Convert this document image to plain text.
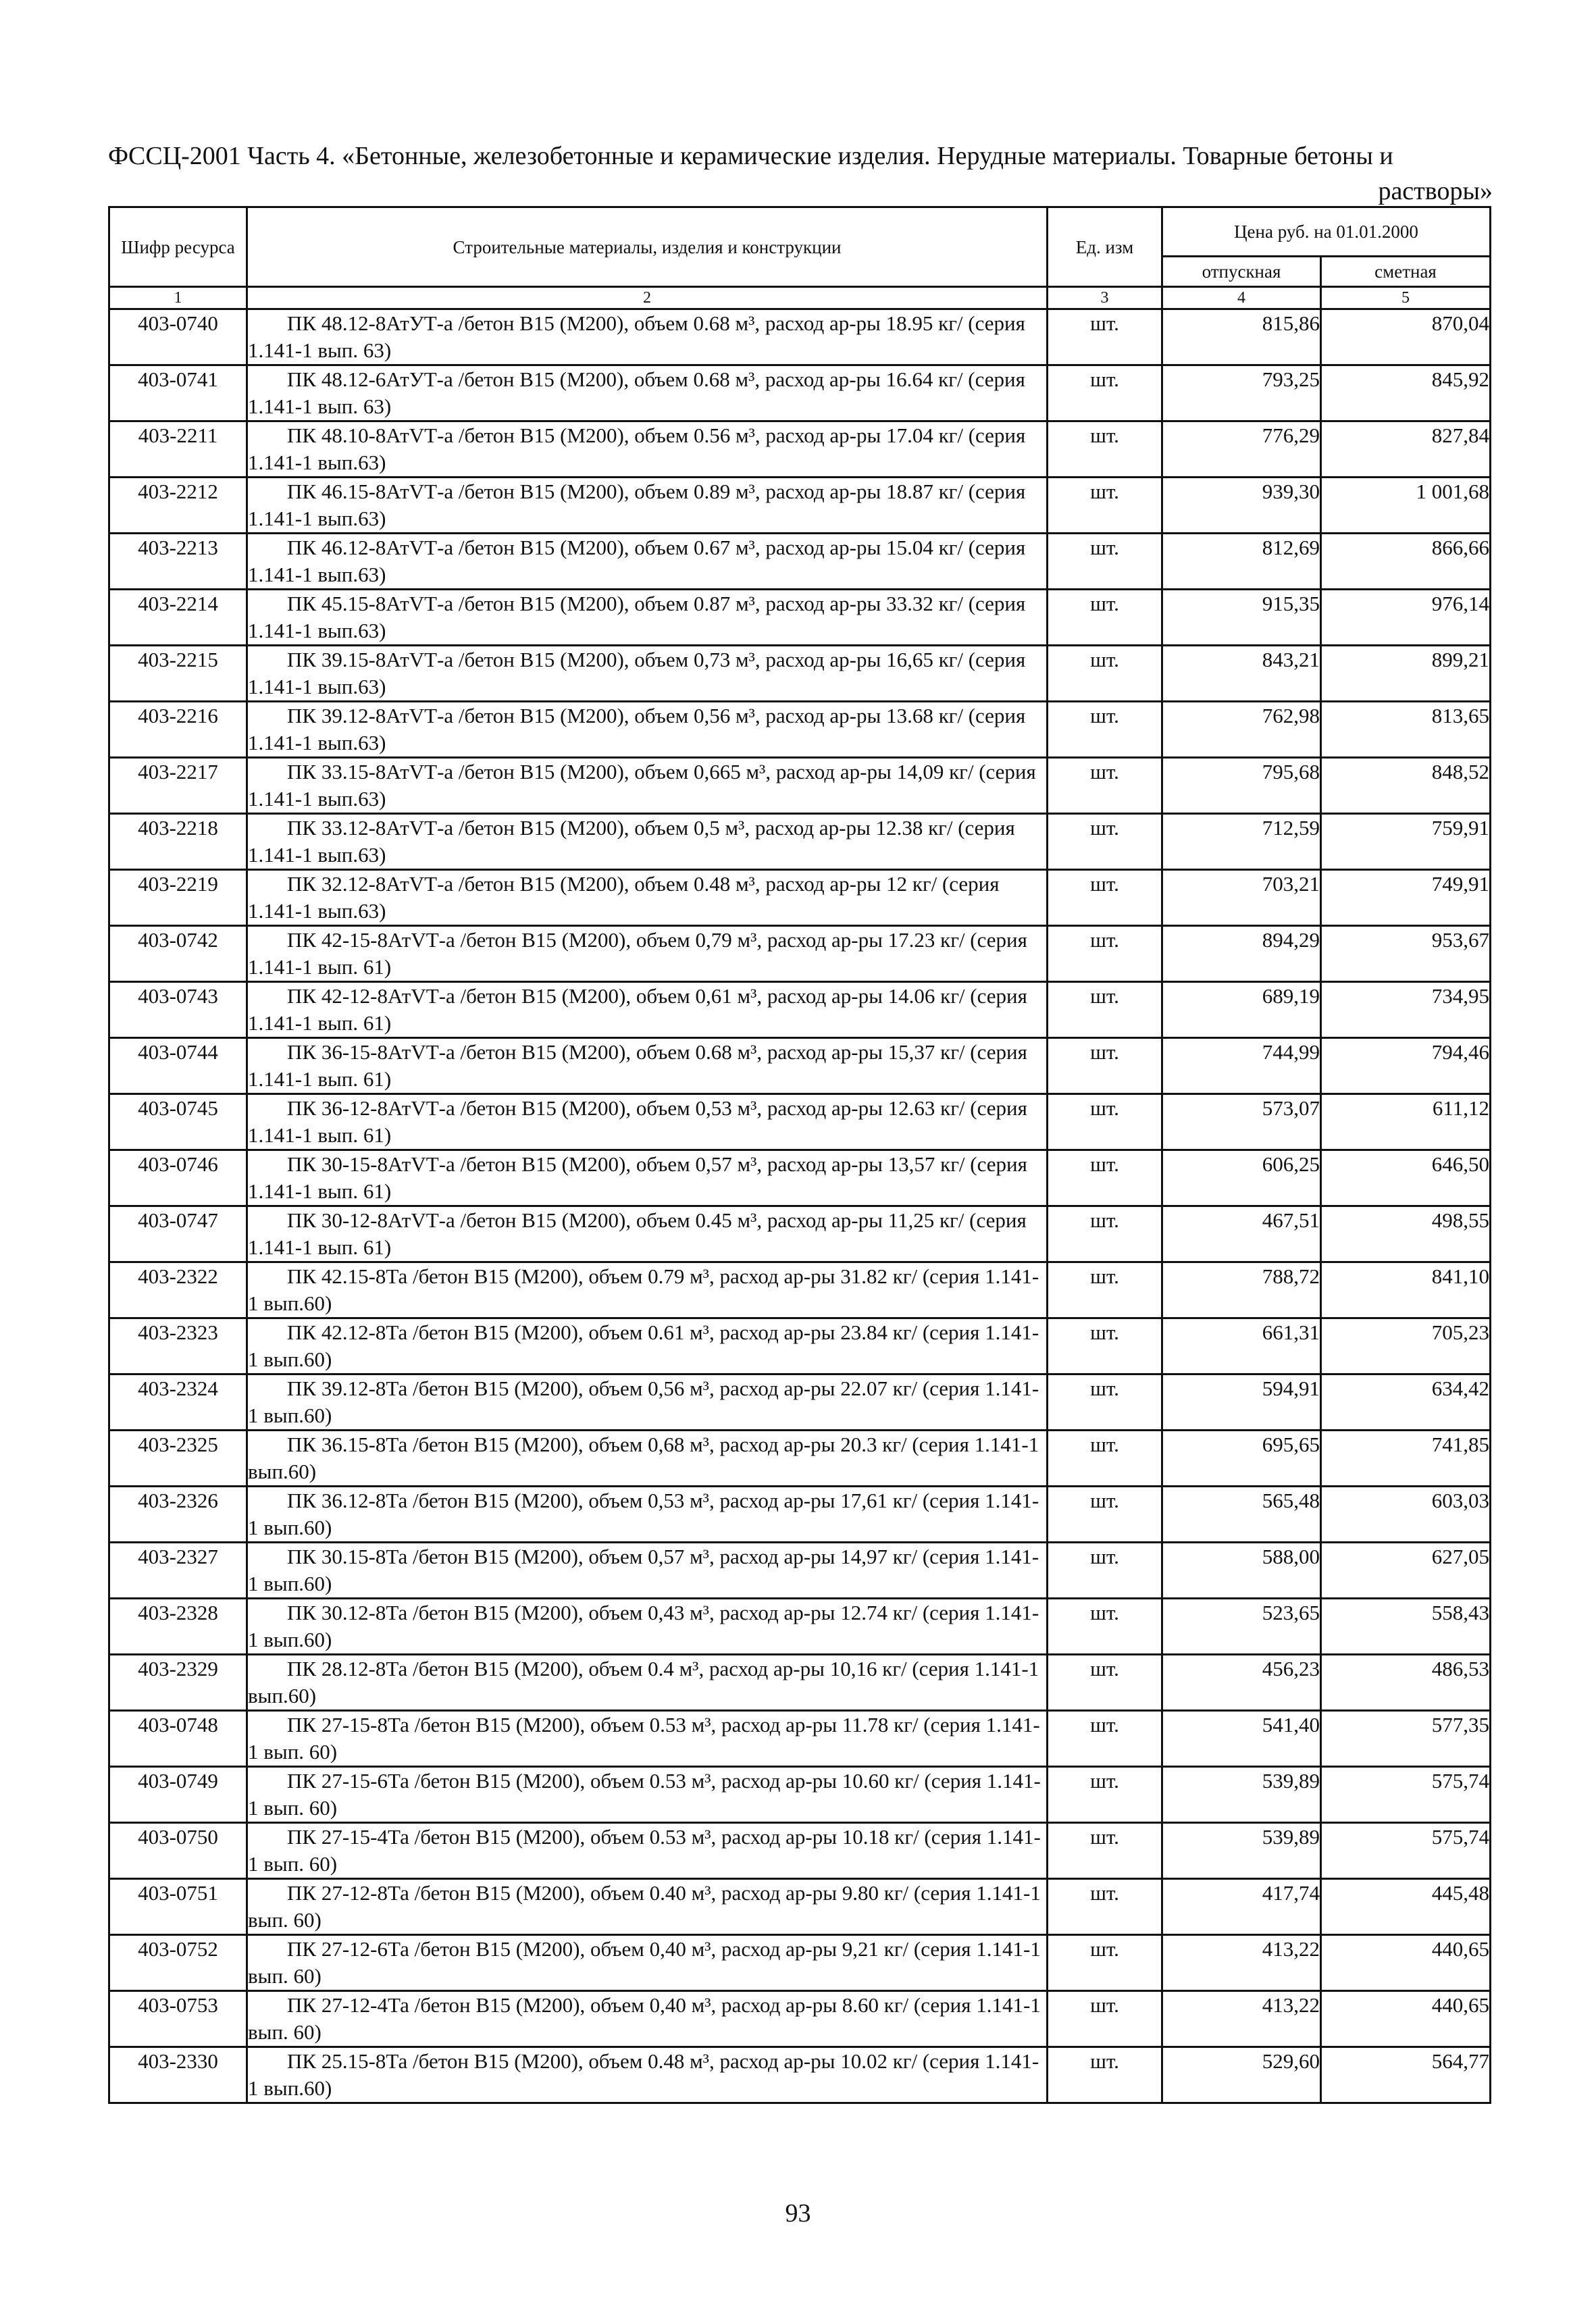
ФССЦ-2001 Часть 4. «Бетонные, железобетонные и керамические изделия. Нерудные материалы. Товарные бетоны и
растворы»
Шифр ресурса	Строительные материалы, изделия и конструкции	Ед. изм	Цена руб. на 01.01.2000	
			отпускная	сметная
1	2	3	4	5
403-0740	ПК 48.12-8АтУТ-а /бетон В15 (М200), объем 0.68 м³, расход ар-ры 18.95 кг/ (серия 1.141-1 вып. 63)	шт.	815,86	870,04
403-0741	ПК 48.12-6АтУТ-а /бетон В15 (М200), объем 0.68 м³, расход ар-ры 16.64 кг/ (серия 1.141-1 вып. 63)	шт.	793,25	845,92
403-2211	ПК 48.10-8АтVТ-а /бетон В15 (М200), объем 0.56 м³, расход ар-ры 17.04 кг/ (серия 1.141-1 вып.63)	шт.	776,29	827,84
403-2212	ПК 46.15-8АтVТ-а /бетон В15 (М200), объем 0.89 м³, расход ар-ры 18.87 кг/ (серия 1.141-1 вып.63)	шт.	939,30	1 001,68
403-2213	ПК 46.12-8АтVТ-а /бетон В15 (М200), объем 0.67 м³, расход ар-ры 15.04 кг/ (серия 1.141-1 вып.63)	шт.	812,69	866,66
403-2214	ПК 45.15-8АтVТ-а /бетон В15 (М200), объем 0.87 м³, расход ар-ры 33.32 кг/ (серия 1.141-1 вып.63)	шт.	915,35	976,14
403-2215	ПК 39.15-8АтVТ-а /бетон В15 (М200), объем 0,73 м³, расход ар-ры 16,65 кг/ (серия 1.141-1 вып.63)	шт.	843,21	899,21
403-2216	ПК 39.12-8АтVТ-а /бетон В15 (М200), объем 0,56 м³, расход ар-ры 13.68 кг/ (серия 1.141-1 вып.63)	шт.	762,98	813,65
403-2217	ПК 33.15-8АтVТ-а /бетон В15 (М200), объем 0,665 м³, расход ар-ры 14,09 кг/ (серия 1.141-1 вып.63)	шт.	795,68	848,52
403-2218	ПК 33.12-8АтVТ-а /бетон В15 (М200), объем 0,5 м³, расход ар-ры 12.38 кг/ (серия 1.141-1 вып.63)	шт.	712,59	759,91
403-2219	ПК 32.12-8АтVТ-а /бетон В15 (М200), объем 0.48 м³, расход ар-ры 12 кг/ (серия 1.141-1 вып.63)	шт.	703,21	749,91
403-0742	ПК 42-15-8АтVТ-а /бетон В15 (М200), объем 0,79 м³, расход ар-ры 17.23 кг/ (серия 1.141-1 вып. 61)	шт.	894,29	953,67
403-0743	ПК 42-12-8АтVТ-а /бетон В15 (М200), объем 0,61 м³, расход ар-ры 14.06 кг/ (серия 1.141-1 вып. 61)	шт.	689,19	734,95
403-0744	ПК 36-15-8АтVТ-а /бетон В15 (М200), объем 0.68 м³, расход ар-ры 15,37 кг/ (серия 1.141-1 вып. 61)	шт.	744,99	794,46
403-0745	ПК 36-12-8АтVТ-а /бетон В15 (М200), объем 0,53 м³, расход ар-ры 12.63 кг/ (серия 1.141-1 вып. 61)	шт.	573,07	611,12
403-0746	ПК 30-15-8АтVТ-а /бетон В15 (М200), объем 0,57 м³, расход ар-ры 13,57 кг/ (серия 1.141-1 вып. 61)	шт.	606,25	646,50
403-0747	ПК 30-12-8АтVТ-а /бетон В15 (М200), объем 0.45 м³, расход ар-ры 11,25 кг/ (серия 1.141-1 вып. 61)	шт.	467,51	498,55
403-2322	ПК 42.15-8Та /бетон В15 (М200), объем 0.79 м³, расход ар-ры 31.82 кг/ (серия 1.141-1 вып.60)	шт.	788,72	841,10
403-2323	ПК 42.12-8Та /бетон В15 (М200), объем 0.61 м³, расход ар-ры 23.84 кг/ (серия 1.141-1 вып.60)	шт.	661,31	705,23
403-2324	ПК 39.12-8Та /бетон В15 (М200), объем 0,56 м³, расход ар-ры 22.07 кг/ (серия 1.141-1 вып.60)	шт.	594,91	634,42
403-2325	ПК 36.15-8Та /бетон В15 (М200), объем 0,68 м³, расход ар-ры 20.3 кг/ (серия 1.141-1 вып.60)	шт.	695,65	741,85
403-2326	ПК 36.12-8Та /бетон В15 (М200), объем 0,53 м³, расход ар-ры 17,61 кг/ (серия 1.141-1 вып.60)	шт.	565,48	603,03
403-2327	ПК 30.15-8Та /бетон В15 (М200), объем 0,57 м³, расход ар-ры 14,97 кг/ (серия 1.141-1 вып.60)	шт.	588,00	627,05
403-2328	ПК 30.12-8Та /бетон В15 (М200), объем 0,43 м³, расход ар-ры 12.74 кг/ (серия 1.141-1 вып.60)	шт.	523,65	558,43
403-2329	ПК 28.12-8Та /бетон В15 (М200), объем 0.4 м³, расход ар-ры 10,16 кг/ (серия 1.141-1 вып.60)	шт.	456,23	486,53
403-0748	ПК 27-15-8Та /бетон В15 (М200), объем 0.53 м³, расход ар-ры 11.78 кг/ (серия 1.141-1 вып. 60)	шт.	541,40	577,35
403-0749	ПК 27-15-6Та /бетон В15 (М200), объем 0.53 м³, расход ар-ры 10.60 кг/ (серия 1.141-1 вып. 60)	шт.	539,89	575,74
403-0750	ПК 27-15-4Та /бетон В15 (М200), объем 0.53 м³, расход ар-ры 10.18 кг/ (серия 1.141-1 вып. 60)	шт.	539,89	575,74
403-0751	ПК 27-12-8Та /бетон В15 (М200), объем 0.40 м³, расход ар-ры 9.80 кг/ (серия 1.141-1 вып. 60)	шт.	417,74	445,48
403-0752	ПК 27-12-6Та /бетон В15 (М200), объем 0,40 м³, расход ар-ры 9,21 кг/ (серия 1.141-1 вып. 60)	шт.	413,22	440,65
403-0753	ПК 27-12-4Та /бетон В15 (М200), объем 0,40 м³, расход ар-ры 8.60 кг/ (серия 1.141-1 вып. 60)	шт.	413,22	440,65
403-2330	ПК 25.15-8Та /бетон В15 (М200), объем 0.48 м³, расход ар-ры 10.02 кг/ (серия 1.141-1 вып.60)	шт.	529,60	564,77
93
